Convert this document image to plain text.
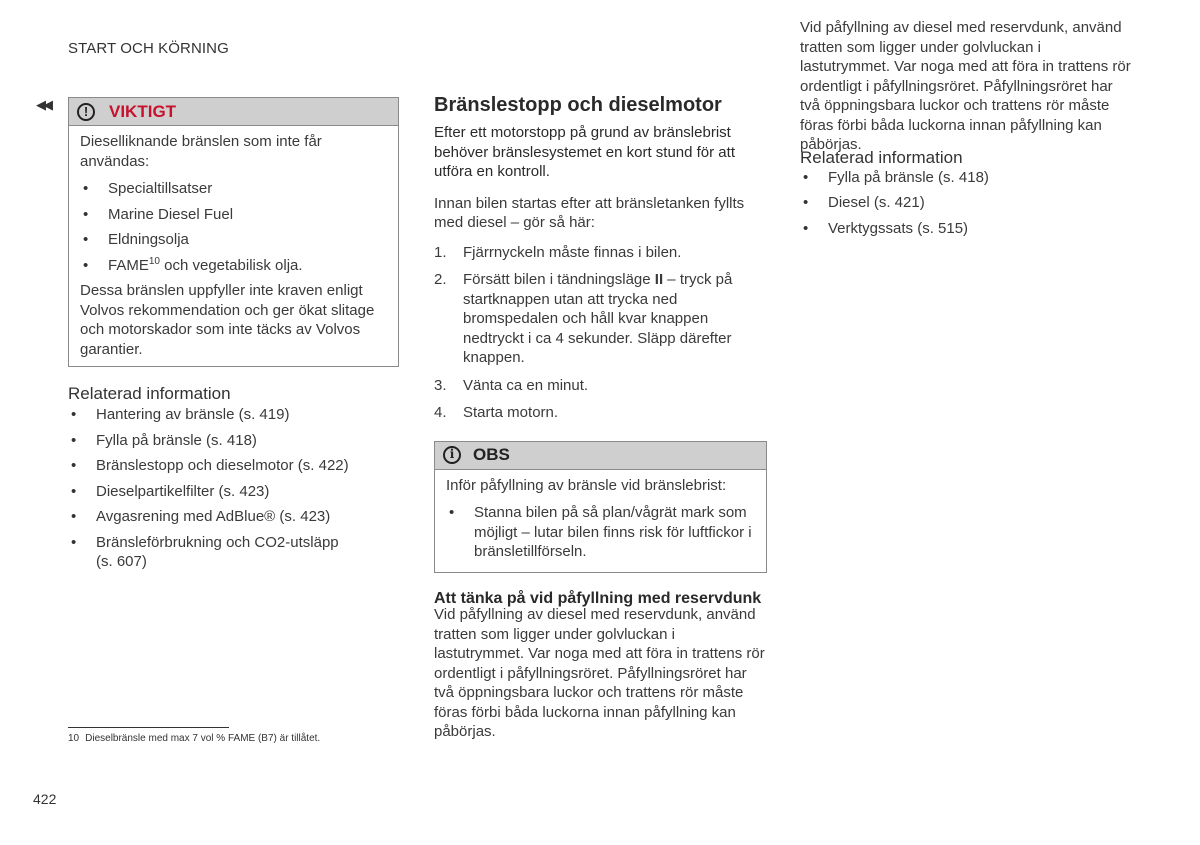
START OCH KÖRNING
◀◀	!	VIKTIGT

Dieselliknande bränslen som inte får användas:

• Specialtillsatser
• Marine Diesel Fuel
• Eldningsolja
• FAME$^{10}$ och vegetabilisk olja.

Dessa bränslen uppfyller inte kraven enligt Volvos rekommendation och ger ökat slitage och motorskador som inte täcks av Volvos garantier.

Relaterad information
• Hantering av bränsle (s. 419)
• Fylla på bränsle (s. 418)
• Bränslestopp och dieselmotor (s. 422)
• Dieselpartikelfilter (s. 423)
• Avgasrening med AdBlue® (s. 423)
• Bränsleförbrukning och CO2-utsläpp (s. 607)
Bränslestopp och dieselmotor

Efter ett motorstopp på grund av bränslebrist behöver bränslesystemet en kort stund för att utföra en kontroll.

Innan bilen startas efter att bränsletanken fyllts med diesel – gör så här:

1. Fjärrnyckeln måste finnas i bilen.
2. Försätt bilen i tändningsläge II – tryck på startknappen utan att trycka ned bromspedalen och håll kvar knappen nedtryckt i ca 4 sekunder. Släpp därefter knappen.
3. Vänta ca en minut.
4. Starta motorn.
i	OBS

Inför påfyllning av bränsle vid bränslebrist:

• Stanna bilen på så plan/vågrät mark som möjligt – lutar bilen finns risk för luftfickor i bränsletillförseln.
Att tänka på vid påfyllning med reservdunk
Vid påfyllning av diesel med reservdunk, använd tratten som ligger under golvluckan i lastutrymmet. Var noga med att föra in trattens rör ordentligt i påfyllningsröret. Påfyllningsröret har två öppningsbara luckor och trattens rör måste föras förbi båda luckorna innan påfyllning kan påbörjas.
Vid påfyllning av diesel med reservdunk, använd tratten som ligger under golvluckan i lastutrymmet. Var noga med att föra in trattens rör ordentligt i påfyllningsröret. Påfyllningsröret har två öppningsbara luckor och trattens rör måste föras förbi båda luckorna innan påfyllning kan påbörjas.
Relaterad information
• Fylla på bränsle (s. 418)
• Diesel (s. 421)
• Verktygssats (s. 515)
10 Dieselbränsle med max 7 vol % FAME (B7) är tillåtet.
422
